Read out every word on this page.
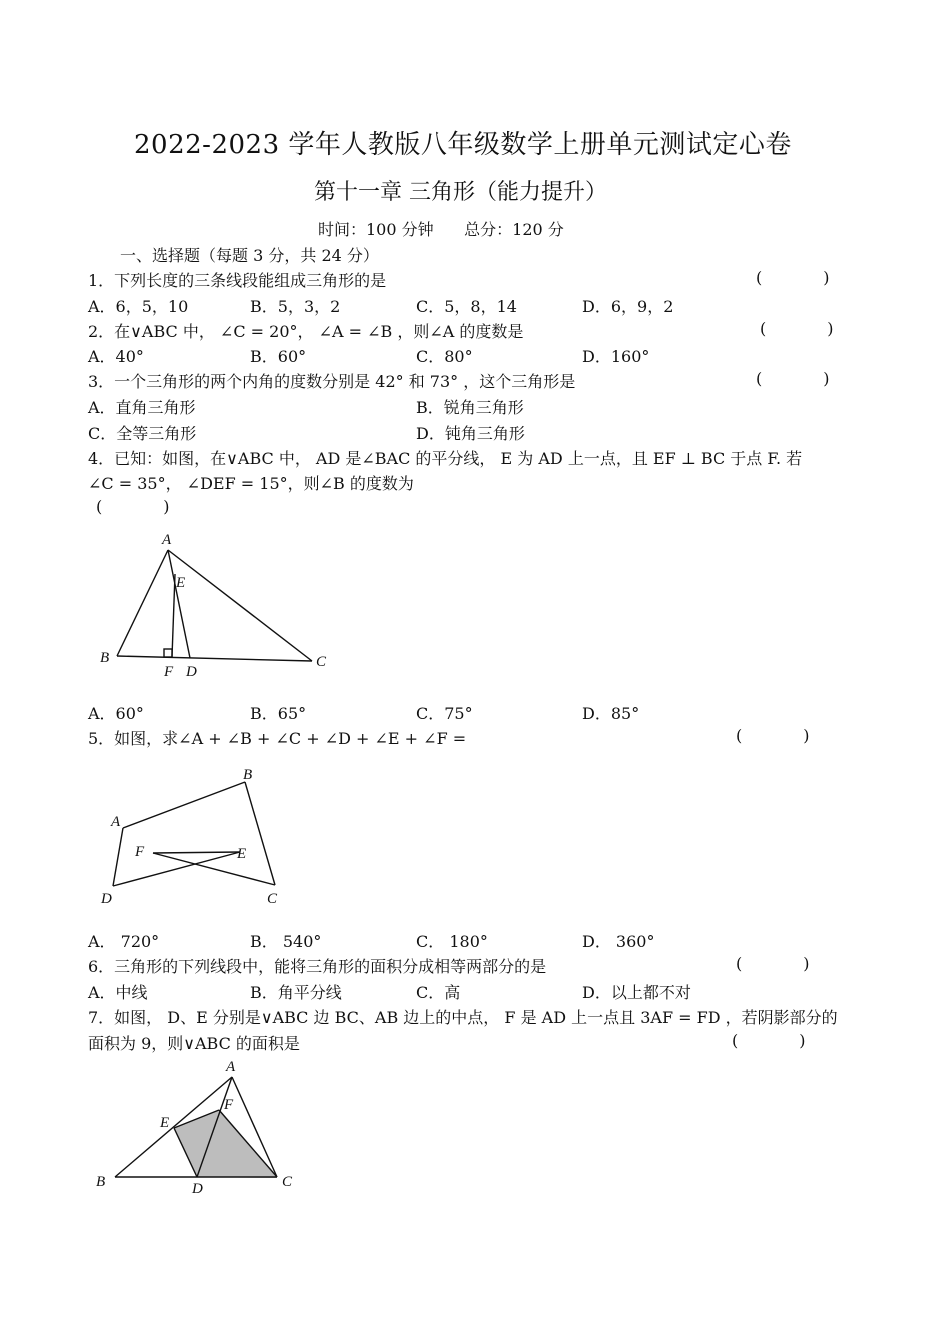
2022-2023 学年人教版八年级数学上册单元测试定心卷
第十一章 三角形（能力提升）
时间：100 分钟      总分：120 分
一、选择题（每题 3 分，共 24 分）
1．下列长度的三条线段能组成三角形的是	(            )
A．6，5，10	B．5，3，2	C．5，8，14	D．6，9，2
2．在∨ABC 中， ∠C = 20°， ∠A = ∠B ，则∠A 的度数是	(            )
A．40°	B．60°	C．80°	D．160°
3．一个三角形的两个内角的度数分别是 42° 和 73° ，这个三角形是	(            )
A．直角三角形	B．锐角三角形
C．全等三角形	D．钝角三角形
4．已知：如图，在∨ABC 中， AD 是∠BAC 的平分线， E 为 AD 上一点，且 EF ⊥ BC 于点 F. 若
∠C = 35°， ∠DEF = 15°，则∠B 的度数为
(            )
A
B	C
D
E
F
A．60°	B．65°	C．75°	D．85°
5．如图，求∠A + ∠B + ∠C + ∠D + ∠E + ∠F =	(            )
A
B
C
D
E
F
A． 720°	B． 540°	C． 180°	D． 360°
6．三角形的下列线段中，能将三角形的面积分成相等两部分的是	(            )
A．中线	B．角平分线	C．高	D．以上都不对
7．如图， D、E 分别是∨ABC 边 BC、AB 边上的中点， F 是 AD 上一点且 3AF = FD ，若阴影部分的
面积为 9，则∨ABC 的面积是	(            )
A
B	C
D
E
F
